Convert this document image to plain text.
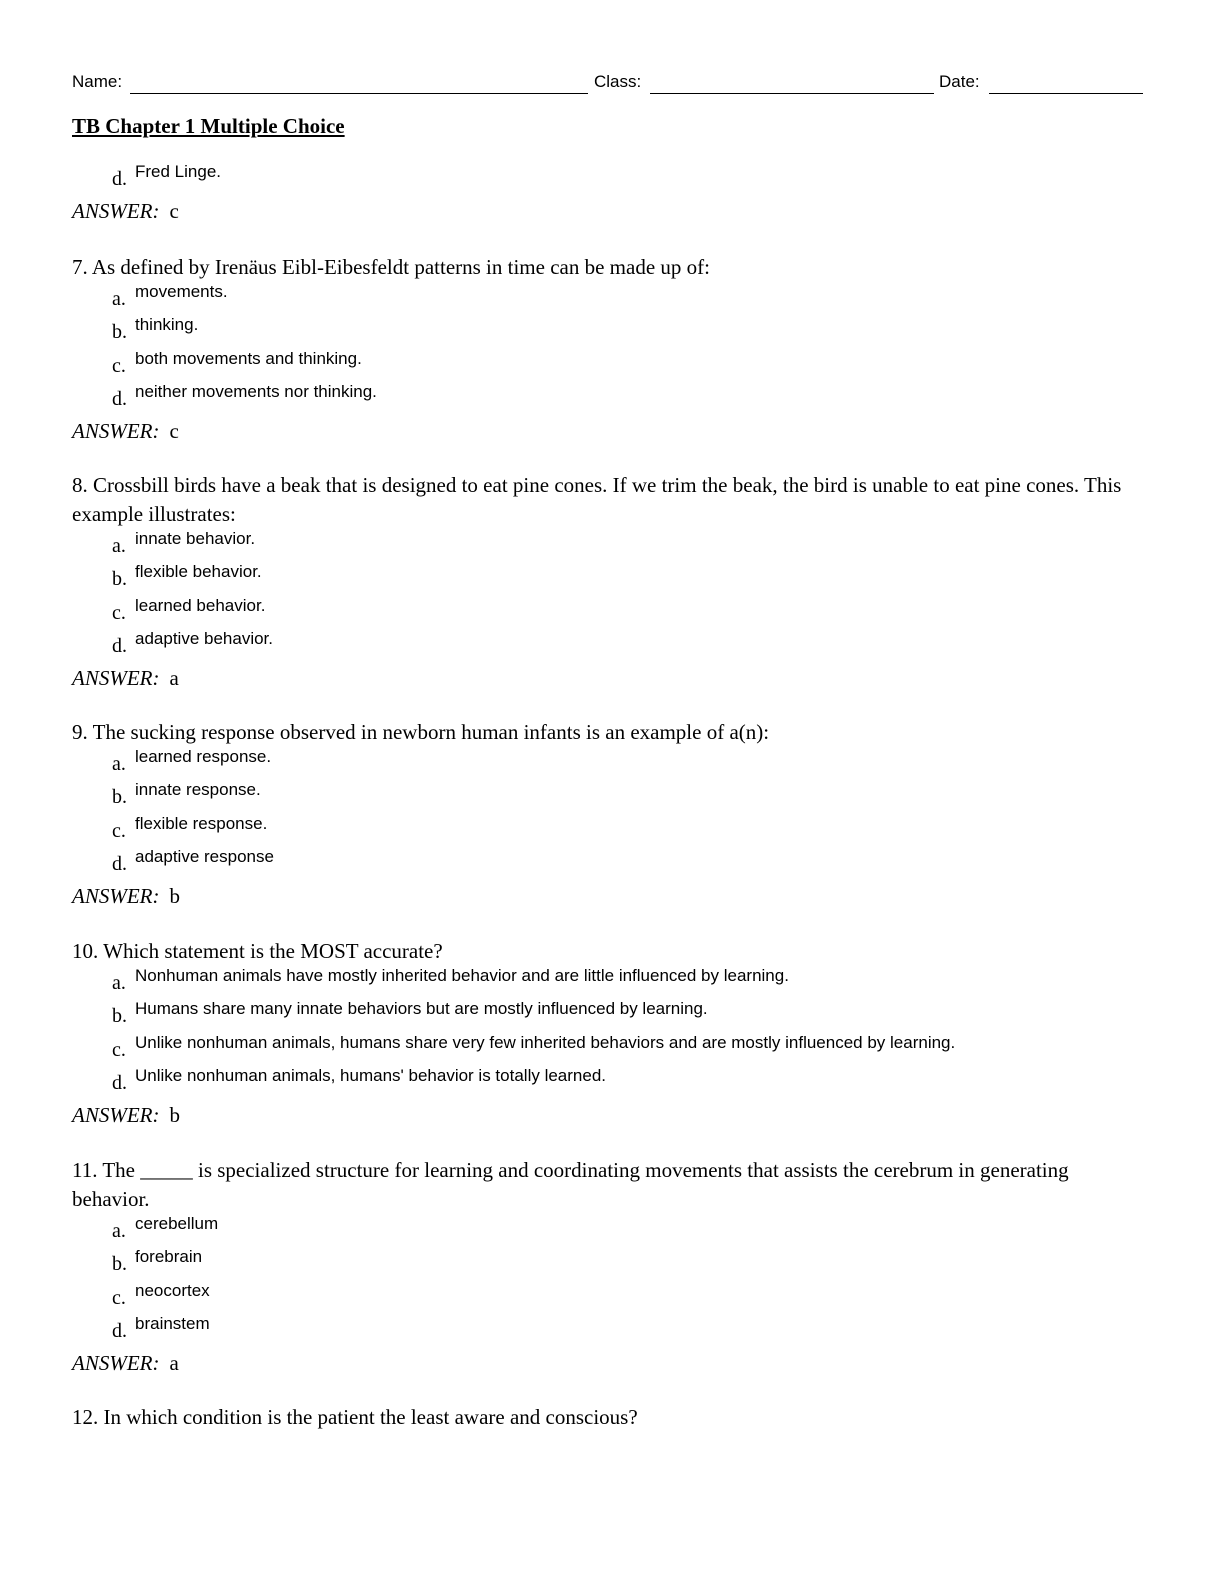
Name:	Class:	Date:
TB Chapter 1 Multiple Choice
d. Fred Linge.
ANSWER: c

7. As defined by Irenäus Eibl-Eibesfeldt patterns in time can be made up of:

a. movements.
b. thinking.
c. both movements and thinking.
d. neither movements nor thinking.
ANSWER: c

8. Crossbill birds have a beak that is designed to eat pine cones. If we trim the beak, the bird is unable to eat pine cones. This example illustrates:

a. innate behavior.
b. flexible behavior.
c. learned behavior.
d. adaptive behavior.
ANSWER: a

9. The sucking response observed in newborn human infants is an example of a(n):

a. learned response.
b. innate response.
c. flexible response.
d. adaptive response
ANSWER: b

10. Which statement is the MOST accurate?

a. Nonhuman animals have mostly inherited behavior and are little influenced by learning.
b. Humans share many innate behaviors but are mostly influenced by learning.
c. Unlike nonhuman animals, humans share very few inherited behaviors and are mostly influenced by learning.
d. Unlike nonhuman animals, humans' behavior is totally learned.
ANSWER: b

11. The _____ is specialized structure for learning and coordinating movements that assists the cerebrum in generating behavior.

a. cerebellum
b. forebrain
c. neocortex
d. brainstem
ANSWER: a

12. In which condition is the patient the least aware and conscious?
